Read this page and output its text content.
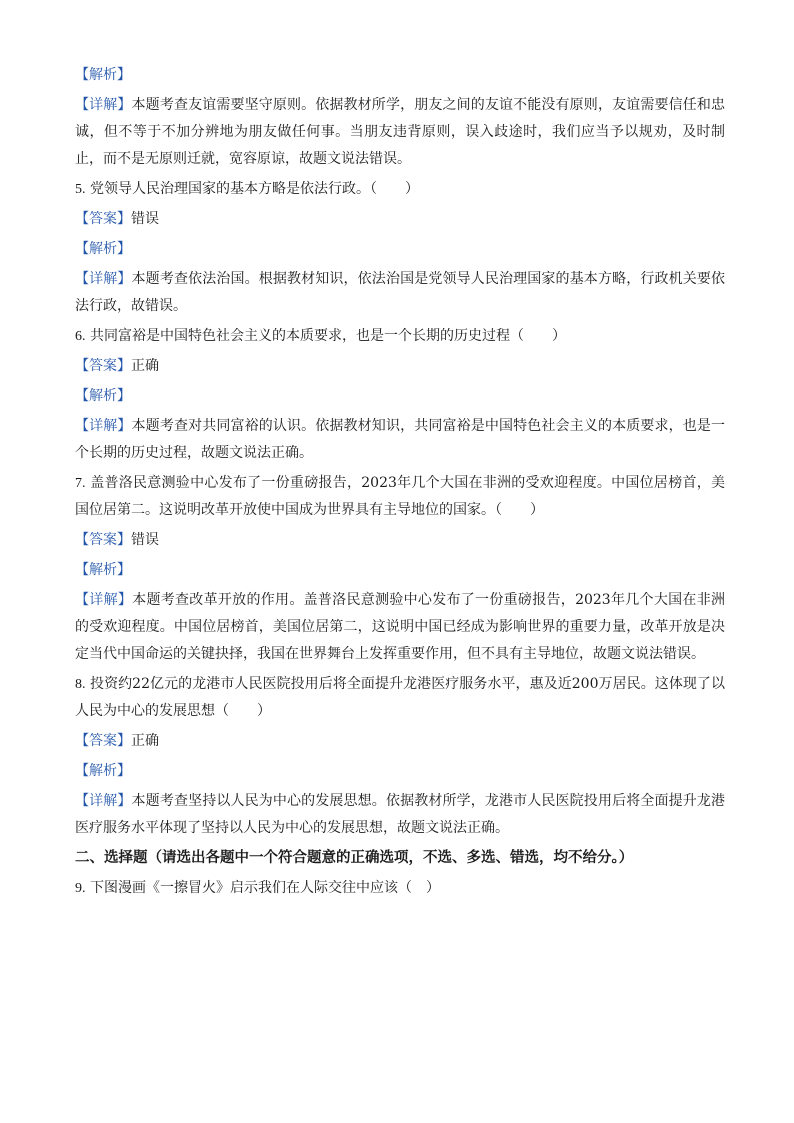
【解析】

【详解】本题考查友谊需要坚守原则。依据教材所学，朋友之间的友谊不能没有原则，友谊需要信任和忠诚，但不等于不加分辨地为朋友做任何事。当朋友违背原则，误入歧途时，我们应当予以规劝，及时制止，而不是无原则迁就，宽容原谅，故题文说法错误。

5. 党领导人民治理国家的基本方略是依法行政。（　　）

【答案】错误

【解析】

【详解】本题考查依法治国。根据教材知识，依法治国是党领导人民治理国家的基本方略，行政机关要依法行政，故错误。

6. 共同富裕是中国特色社会主义的本质要求，也是一个长期的历史过程（　　）

【答案】正确

【解析】

【详解】本题考查对共同富裕的认识。依据教材知识，共同富裕是中国特色社会主义的本质要求，也是一个长期的历史过程，故题文说法正确。

7. 盖普洛民意测验中心发布了一份重磅报告，2023年几个大国在非洲的受欢迎程度。中国位居榜首，美国位居第二。这说明改革开放使中国成为世界具有主导地位的国家。（　　）

【答案】错误

【解析】

【详解】本题考查改革开放的作用。盖普洛民意测验中心发布了一份重磅报告，2023年几个大国在非洲的受欢迎程度。中国位居榜首，美国位居第二，这说明中国已经成为影响世界的重要力量，改革开放是决定当代中国命运的关键抉择，我国在世界舞台上发挥重要作用，但不具有主导地位，故题文说法错误。

8. 投资约22亿元的龙港市人民医院投用后将全面提升龙港医疗服务水平，惠及近200万居民。这体现了以人民为中心的发展思想（　　）

【答案】正确

【解析】

【详解】本题考查坚持以人民为中心的发展思想。依据教材所学，龙港市人民医院投用后将全面提升龙港医疗服务水平体现了坚持以人民为中心的发展思想，故题文说法正确。

二、选择题（请选出各题中一个符合题意的正确选项，不选、多选、错选，均不给分。）

9. 下图漫画《一擦冒火》启示我们在人际交往中应该（　）
